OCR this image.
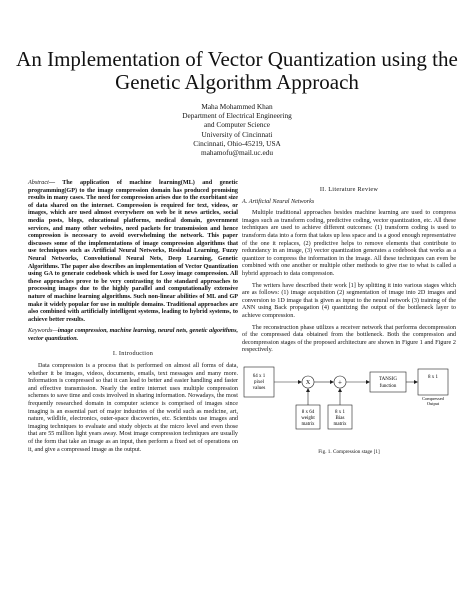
An Implementation of Vector Quantization using the
Genetic Algorithm Approach
Maha Mohammed Khan
Department of Electrical Engineering
and Computer Science
University of Cincinnati
Cincinnati, Ohio-45219, USA
mahamofu@mail.uc.edu
Abstract— The application of machine learning(ML) and genetic programming(GP) to the image compression domain has produced promising results in many cases. The need for compression arises due to the exorbitant size of data shared on the internet. Compression is required for text, videos, or images, which are used almost everywhere on web be it news articles, social media posts, blogs, educational platforms, medical domain, government services, and many other websites, need packets for transmission and hence compression is necessary to avoid overwhelming the network. This paper discusses some of the implementations of image compression algorithms that use techniques such as Artificial Neural Networks, Residual Learning, Fuzzy Neural Networks, Convolutional Neural Nets, Deep Learning, Genetic Algorithms. The paper also describes an implementation of Vector Quantization using GA to generate codebook which is used for Lossy image compression. All these approaches prove to be very contrasting to the standard approaches to processing images due to the highly parallel and computationally extensive nature of machine learning algorithms. Such non-linear abilities of ML and GP make it widely popular for use in multiple domains. Traditional approaches are also combined with artificially intelligent systems, leading to hybrid systems, to achieve better results.
Keywords—image compression, machine learning, neural nets, genetic algorithms, vector quantization.
I. Introduction

Data compression is a process that is performed on almost all forms of data, whether it be images, videos, documents, emails, text messages and many more. Information is compressed so that it can lead to better and easier handling and faster and effective transmission. Nearly the entire internet uses multiple compression schemes to save time and costs involved in sharing information. Nowadays, the most frequently researched domain in computer science is comprised of images since imaging is an essential part of major industries of the world such as medicine, art, nature, wildlife, electronics, outer-space discoveries, etc. Scientists use images and imaging techniques to evaluate and study objects at the micro level and even those that are 55 million light years away. Most image compression techniques are usually of the form that take an image as an input, then perform a fixed set of operations on it, and give a compressed image as the output.

II. Literature Review
A. Artificial Neural Networks

Multiple traditional approaches besides machine learning are used to compress images such as transform coding, predictive coding, vector quantization, etc. All these techniques are used to achieve different outcomes: (1) transform coding is used to transform data into a form that takes up less space and is a good enough representative of the one it replaces, (2) predictive helps to remove elements that contribute to redundancy in an image, (3) vector quantization generates a codebook that works as a quantizer to compress the information in the image. All these techniques can even be combined with one another or multiple other methods to give rise to what is called a hybrid approach to data compression.

The writers have described their work [1] by splitting it into various stages which are as follows: (1) image acquisition (2) segmentation of image into 2D images and conversion to 1D image that is given as input to the neural network (3) training of the ANN using Back propagation (4) quantizing the output of the bottleneck layer to achieve compression.

The reconstruction phase utilizes a receiver network that performs decompression of the compressed data obtained from the bottleneck. Both the compression and decompression stages of the proposed architecture are shown in Figure 1 and Figure 2 respectively.

64 x 1
pixel
values
X
8 x 64
weight
matrix
+
8 x 1
Bias
matrix
TANSIG
function
8 x 1
Compressed
Output
Fig. 1. Compression stage [1]
